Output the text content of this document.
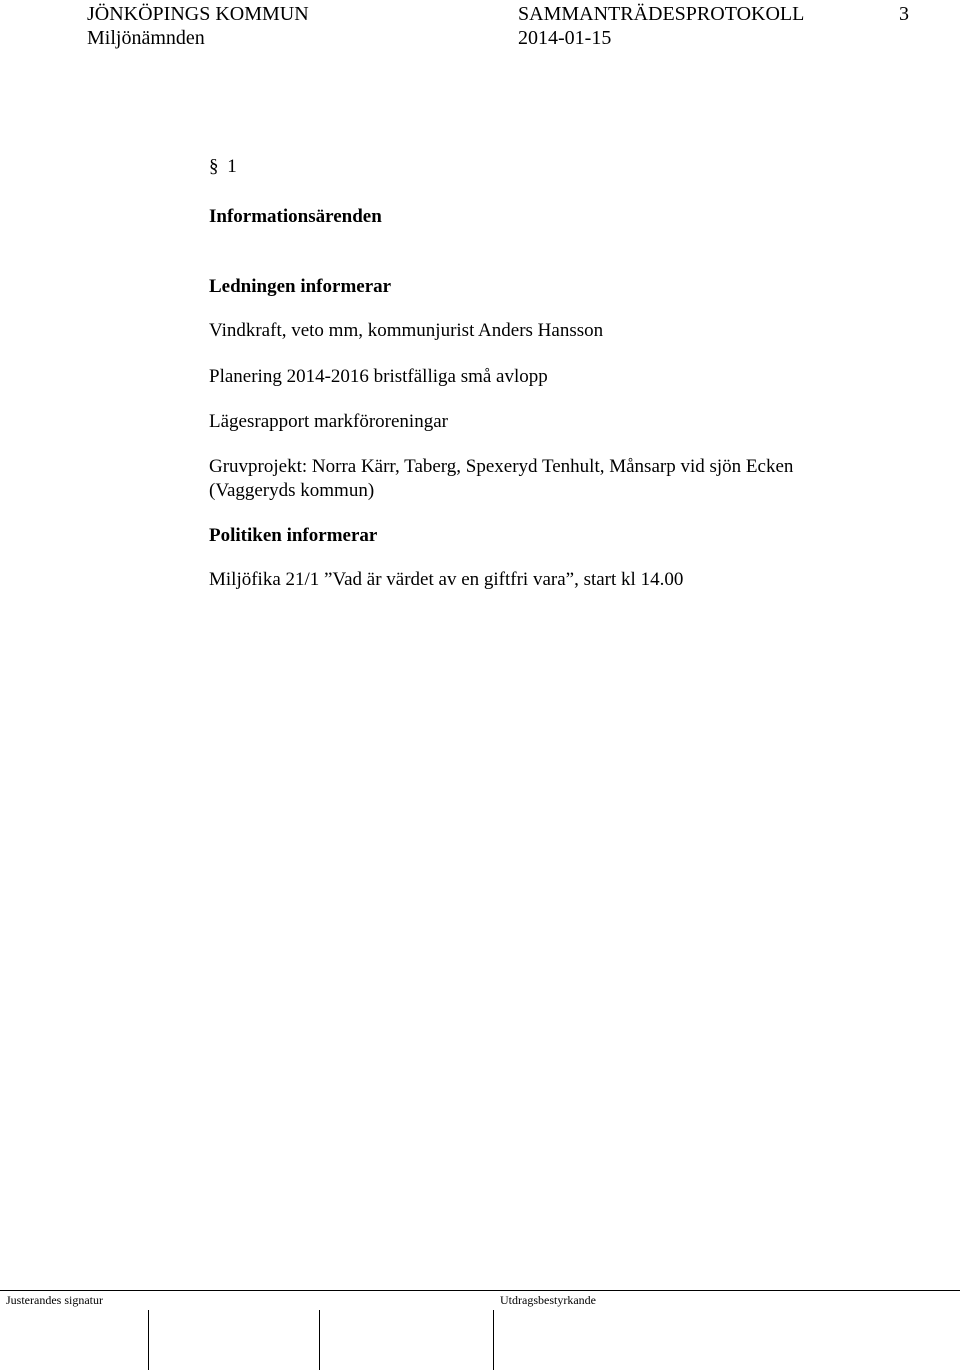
JÖNKÖPINGS KOMMUN	SAMMANTRÄDESPROTOKOLL	3
Miljönämnden	2014-01-15
§ 1
Informationsärenden
Ledningen informerar
Vindkraft, veto mm, kommunjurist Anders Hansson
Planering 2014-2016 bristfälliga små avlopp
Lägesrapport markföroreningar
Gruvprojekt: Norra Kärr, Taberg, Spexeryd Tenhult, Månsarp vid sjön Ecken
(Vaggeryds kommun)
Politiken informerar
Miljöfika 21/1 ”Vad är värdet av en giftfri vara”, start kl 14.00
Justerandes signatur	Utdragsbestyrkande
